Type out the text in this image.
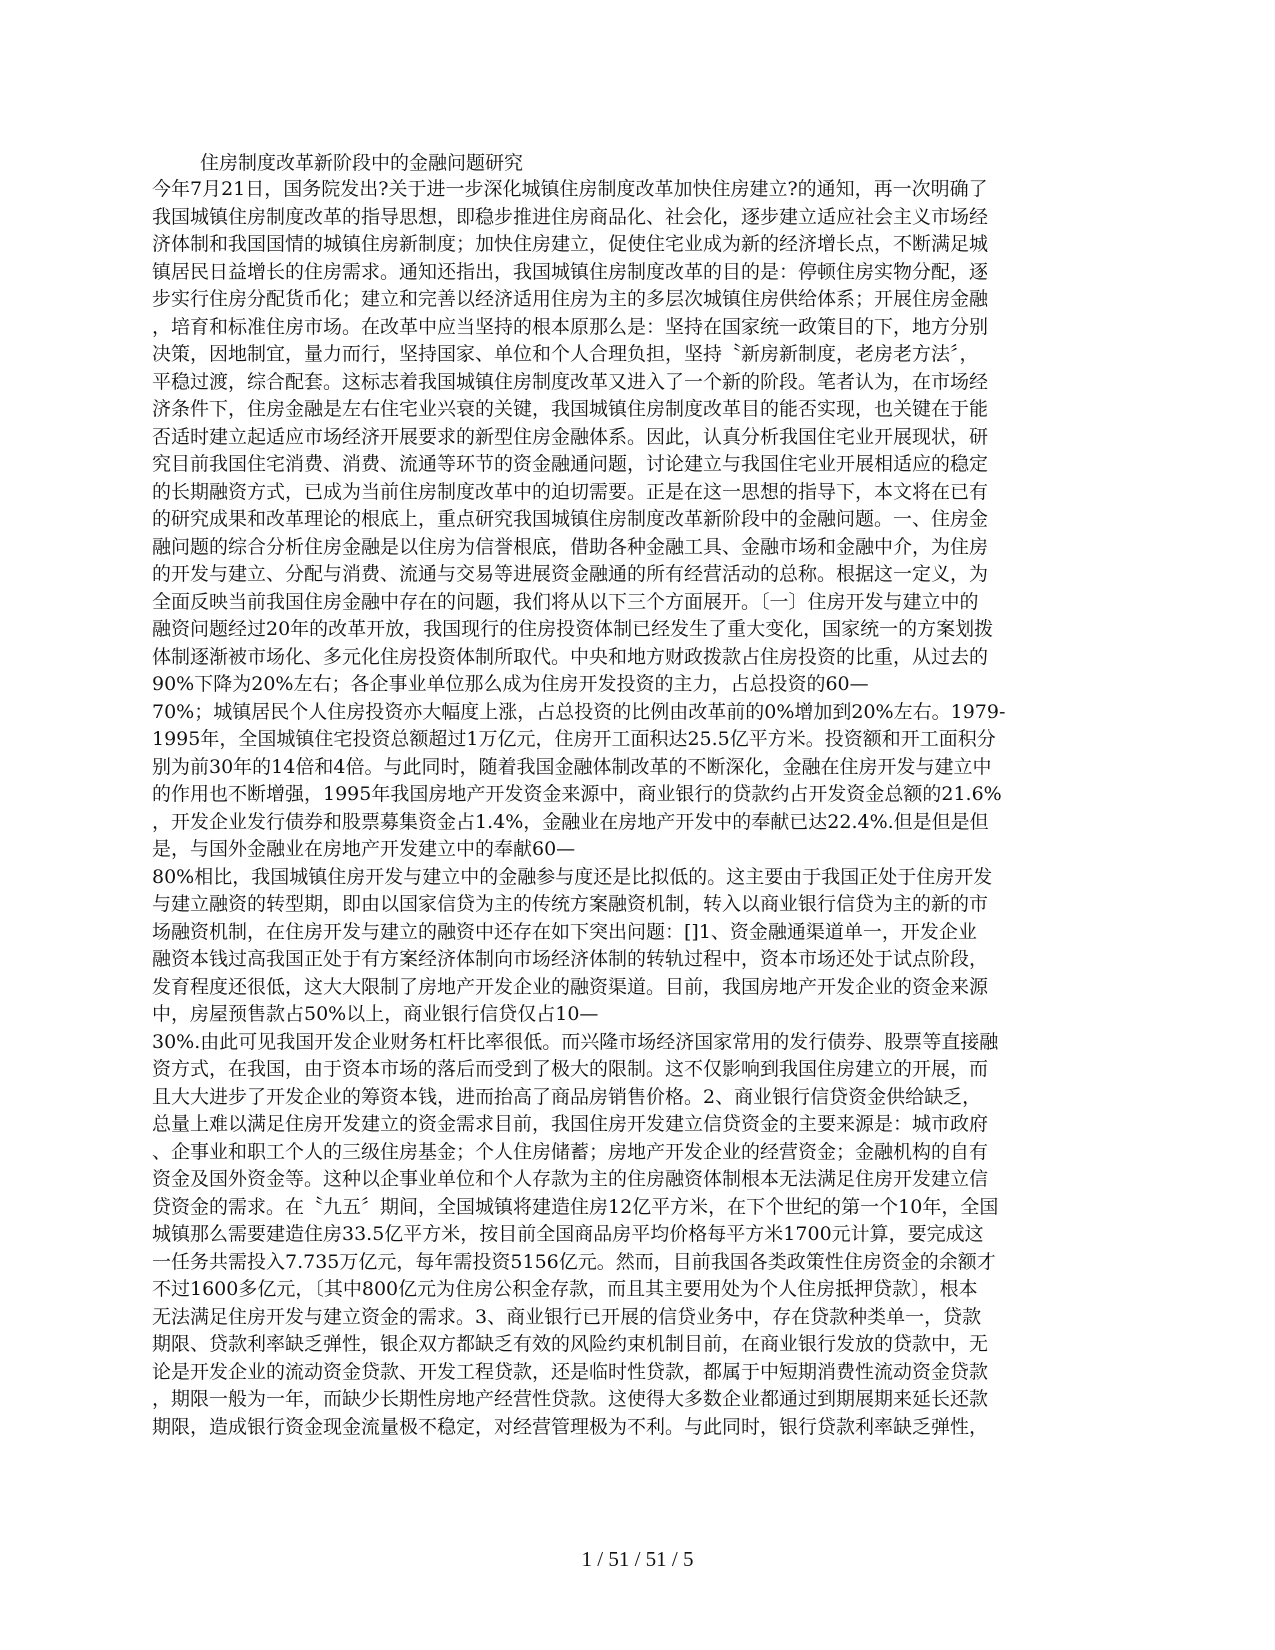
住房制度改革新阶段中的金融问题研究
今年7月21日，国务院发出?关于进一步深化城镇住房制度改革加快住房建立?的通知，再一次明确了
我国城镇住房制度改革的指导思想，即稳步推进住房商品化、社会化，逐步建立适应社会主义市场经
济体制和我国国情的城镇住房新制度；加快住房建立，促使住宅业成为新的经济增长点，不断满足城
镇居民日益增长的住房需求。通知还指出，我国城镇住房制度改革的目的是：停顿住房实物分配，逐
步实行住房分配货币化；建立和完善以经济适用住房为主的多层次城镇住房供给体系；开展住房金融
，培育和标准住房市场。在改革中应当坚持的根本原那么是：坚持在国家统一政策目的下，地方分别
决策，因地制宜，量力而行，坚持国家、单位和个人合理负担，坚持〝新房新制度，老房老方法〞，
平稳过渡，综合配套。这标志着我国城镇住房制度改革又进入了一个新的阶段。笔者认为，在市场经
济条件下，住房金融是左右住宅业兴衰的关键，我国城镇住房制度改革目的能否实现，也关键在于能
否适时建立起适应市场经济开展要求的新型住房金融体系。因此，认真分析我国住宅业开展现状，研
究目前我国住宅消费、消费、流通等环节的资金融通问题，讨论建立与我国住宅业开展相适应的稳定
的长期融资方式，已成为当前住房制度改革中的迫切需要。正是在这一思想的指导下，本文将在已有
的研究成果和改革理论的根底上，重点研究我国城镇住房制度改革新阶段中的金融问题。一、住房金
融问题的综合分析住房金融是以住房为信誉根底，借助各种金融工具、金融市场和金融中介，为住房
的开发与建立、分配与消费、流通与交易等进展资金融通的所有经营活动的总称。根据这一定义，为
全面反映当前我国住房金融中存在的问题，我们将从以下三个方面展开。〔一〕住房开发与建立中的
融资问题经过20年的改革开放，我国现行的住房投资体制已经发生了重大变化，国家统一的方案划拨
体制逐渐被市场化、多元化住房投资体制所取代。中央和地方财政拨款占住房投资的比重，从过去的
90%下降为20%左右；各企事业单位那么成为住房开发投资的主力，占总投资的60—
70%；城镇居民个人住房投资亦大幅度上涨，占总投资的比例由改革前的0%增加到20%左右。1979-
1995年，全国城镇住宅投资总额超过1万亿元，住房开工面积达25.5亿平方米。投资额和开工面积分
别为前30年的14倍和4倍。与此同时，随着我国金融体制改革的不断深化，金融在住房开发与建立中
的作用也不断增强，1995年我国房地产开发资金来源中，商业银行的贷款约占开发资金总额的21.6%
，开发企业发行债券和股票募集资金占1.4%，金融业在房地产开发中的奉献已达22.4%.但是但是但
是，与国外金融业在房地产开发建立中的奉献60—
80%相比，我国城镇住房开发与建立中的金融参与度还是比拟低的。这主要由于我国正处于住房开发
与建立融资的转型期，即由以国家信贷为主的传统方案融资机制，转入以商业银行信贷为主的新的市
场融资机制，在住房开发与建立的融资中还存在如下突出问题：[]1、资金融通渠道单一，开发企业
融资本钱过高我国正处于有方案经济体制向市场经济体制的转轨过程中，资本市场还处于试点阶段，
发育程度还很低，这大大限制了房地产开发企业的融资渠道。目前，我国房地产开发企业的资金来源
中，房屋预售款占50%以上，商业银行信贷仅占10—
30%.由此可见我国开发企业财务杠杆比率很低。而兴隆市场经济国家常用的发行债券、股票等直接融
资方式，在我国，由于资本市场的落后而受到了极大的限制。这不仅影响到我国住房建立的开展，而
且大大进步了开发企业的筹资本钱，进而抬高了商品房销售价格。2、商业银行信贷资金供给缺乏，
总量上难以满足住房开发建立的资金需求目前，我国住房开发建立信贷资金的主要来源是：城市政府
、企事业和职工个人的三级住房基金；个人住房储蓄；房地产开发企业的经营资金；金融机构的自有
资金及国外资金等。这种以企事业单位和个人存款为主的住房融资体制根本无法满足住房开发建立信
贷资金的需求。在〝九五〞期间，全国城镇将建造住房12亿平方米，在下个世纪的第一个10年，全国
城镇那么需要建造住房33.5亿平方米，按目前全国商品房平均价格每平方米1700元计算，要完成这
一任务共需投入7.735万亿元，每年需投资5156亿元。然而，目前我国各类政策性住房资金的余额才
不过1600多亿元，〔其中800亿元为住房公积金存款，而且其主要用处为个人住房抵押贷款〕，根本
无法满足住房开发与建立资金的需求。3、商业银行已开展的信贷业务中，存在贷款种类单一，贷款
期限、贷款利率缺乏弹性，银企双方都缺乏有效的风险约束机制目前，在商业银行发放的贷款中，无
论是开发企业的流动资金贷款、开发工程贷款，还是临时性贷款，都属于中短期消费性流动资金贷款
，期限一般为一年，而缺少长期性房地产经营性贷款。这使得大多数企业都通过到期展期来延长还款
期限，造成银行资金现金流量极不稳定，对经营管理极为不利。与此同时，银行贷款利率缺乏弹性，
1 / 51 / 51 / 5
